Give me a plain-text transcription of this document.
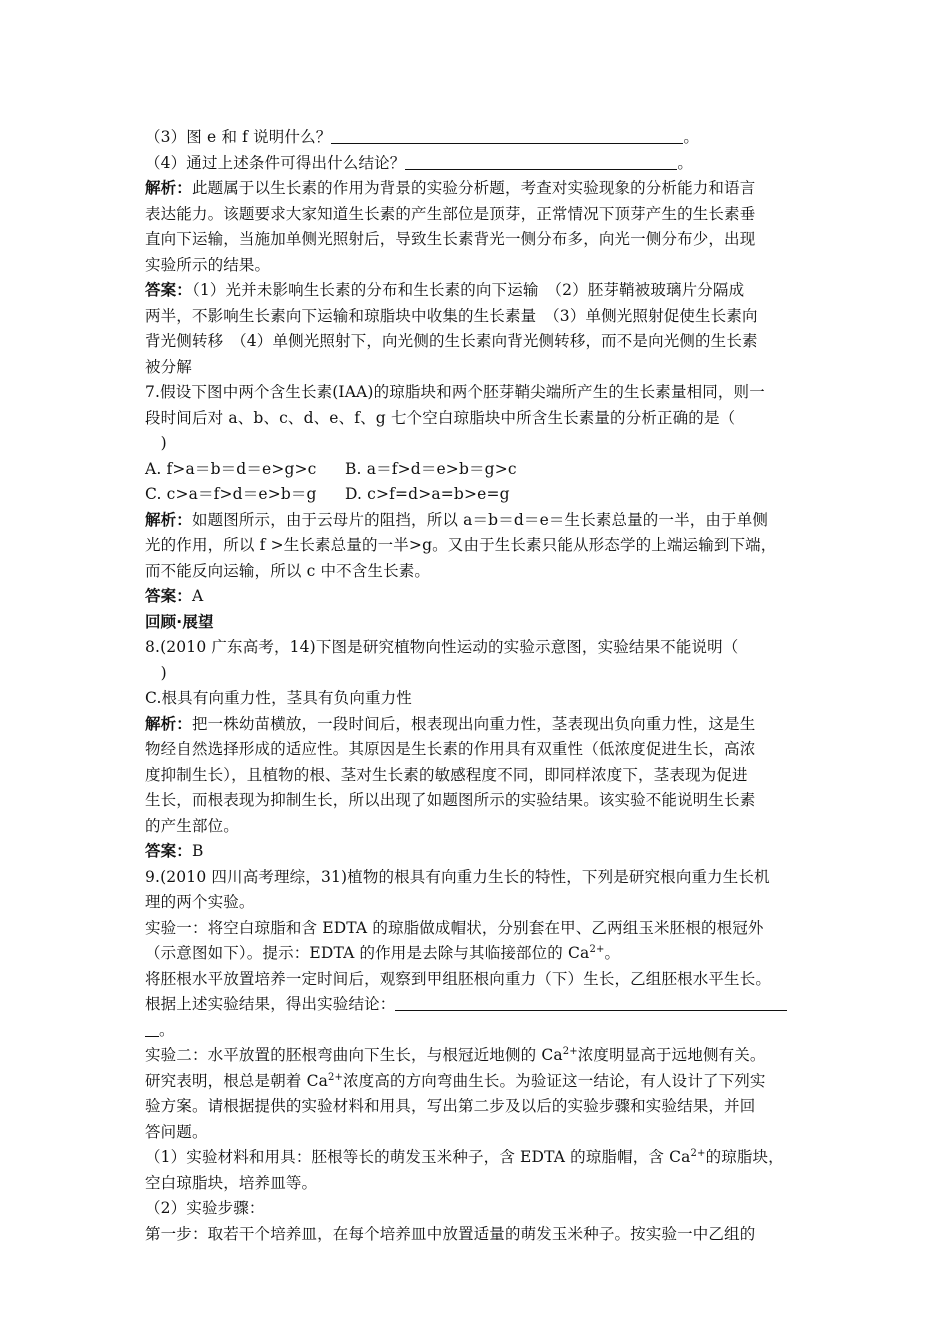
（3）图 e 和 f 说明什么？	。
（4）通过上述条件可得出什么结论？	。
解析：此题属于以生长素的作用为背景的实验分析题，考查对实验现象的分析能力和语言
表达能力。该题要求大家知道生长素的产生部位是顶芽，正常情况下顶芽产生的生长素垂
直向下运输，当施加单侧光照射后，导致生长素背光一侧分布多，向光一侧分布少，出现
实验所示的结果。
答案：（1）光并未影响生长素的分布和生长素的向下运输　（2）胚芽鞘被玻璃片分隔成
两半，不影响生长素向下运输和琼脂块中收集的生长素量　（3）单侧光照射促使生长素向
背光侧转移　（4）单侧光照射下，向光侧的生长素向背光侧转移，而不是向光侧的生长素
被分解
7.假设下图中两个含生长素(IAA)的琼脂块和两个胚芽鞘尖端所产生的生长素量相同，则一
段时间后对 a、b、c、d、e、f、g 七个空白琼脂块中所含生长素量的分析正确的是（
　)
A. f>a＝b＝d＝e>g>c B. a＝f>d＝e>b＝g>c
C. c>a＝f>d＝e>b＝g D. c>f=d>a=b>e=g
解析：如题图所示，由于云母片的阻挡，所以 a＝b＝d＝e＝生长素总量的一半，由于单侧
光的作用，所以 f >生长素总量的一半>g。又由于生长素只能从形态学的上端运输到下端，
而不能反向运输，所以 c 中不含生长素。
答案：A
回顾·展望
8.(2010 广东高考，14)下图是研究植物向性运动的实验示意图，实验结果不能说明（
　)
C.根具有向重力性，茎具有负向重力性
解析：把一株幼苗横放，一段时间后，根表现出向重力性，茎表现出负向重力性，这是生
物经自然选择形成的适应性。其原因是生长素的作用具有双重性（低浓度促进生长，高浓
度抑制生长），且植物的根、茎对生长素的敏感程度不同，即同样浓度下，茎表现为促进
生长，而根表现为抑制生长，所以出现了如题图所示的实验结果。该实验不能说明生长素
的产生部位。
答案：B
9.(2010 四川高考理综，31)植物的根具有向重力生长的特性，下列是研究根向重力生长机
理的两个实验。
实验一：将空白琼脂和含 EDTA 的琼脂做成帽状，分别套在甲、乙两组玉米胚根的根冠外
（示意图如下）。提示：EDTA 的作用是去除与其临接部位的 $Ca^{2+}$。
将胚根水平放置培养一定时间后，观察到甲组胚根向重力（下）生长，乙组胚根水平生长。
根据上述实验结果，得出实验结论：
。
实验二：水平放置的胚根弯曲向下生长，与根冠近地侧的 $Ca^{2+}$浓度明显高于远地侧有关。
研究表明，根总是朝着 $Ca^{2+}$浓度高的方向弯曲生长。为验证这一结论，有人设计了下列实
验方案。请根据提供的实验材料和用具，写出第二步及以后的实验步骤和实验结果，并回
答问题。
（1）实验材料和用具：胚根等长的萌发玉米种子，含 EDTA 的琼脂帽，含 $Ca^{2+}$的琼脂块，
空白琼脂块，培养皿等。
（2）实验步骤：
第一步：取若干个培养皿，在每个培养皿中放置适量的萌发玉米种子。按实验一中乙组的
